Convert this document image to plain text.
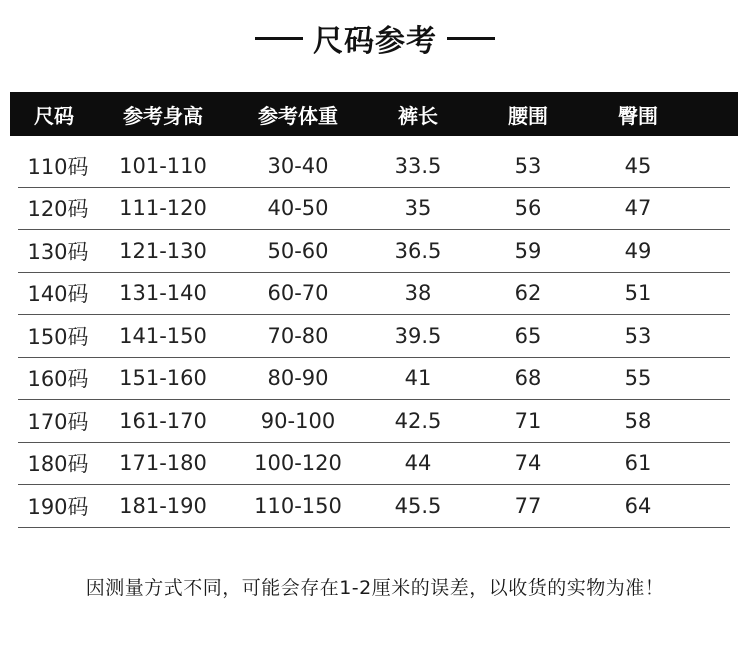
尺码参考
尺码	参考身高	参考体重	裤长	腰围	臀围
110码	101-110	30-40	33.5	53	45
120码	111-120	40-50	35	56	47
130码	121-130	50-60	36.5	59	49
140码	131-140	60-70	38	62	51
150码	141-150	70-80	39.5	65	53
160码	151-160	80-90	41	68	55
170码	161-170	90-100	42.5	71	58
180码	171-180	100-120	44	74	61
190码	181-190	110-150	45.5	77	64
因测量方式不同，可能会存在1-2厘米的误差，以收货的实物为准！
